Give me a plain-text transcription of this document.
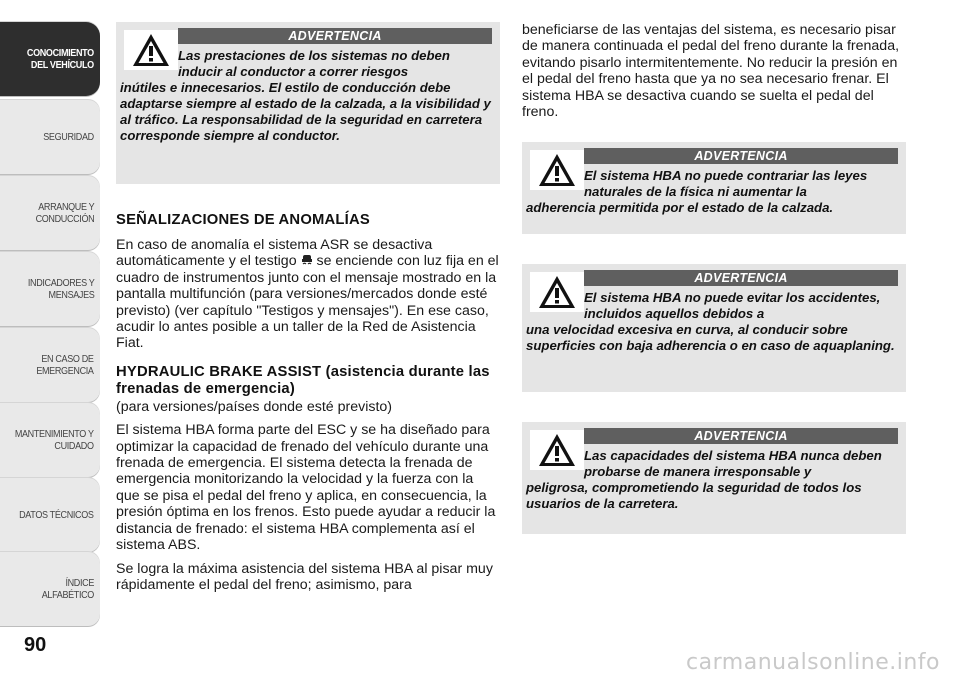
CONOCIMIENTO
DEL VEHÍCULO
SEGURIDAD
ARRANQUE Y
CONDUCCIÓN
INDICADORES Y
MENSAJES
EN CASO DE
EMERGENCIA
MANTENIMIENTO Y
CUIDADO
DATOS TÉCNICOS
ÍNDICE ALFABÉTICO
90
ADVERTENCIA
Las prestaciones de los sistemas no deben inducir al conductor a correr riesgos
inútiles e innecesarios. El estilo de conducción debe adaptarse siempre al estado de la calzada, a la visibilidad y al tráfico. La responsabilidad de la seguridad en carretera corresponde siempre al conductor.
SEÑALIZACIONES DE ANOMALÍAS

En caso de anomalía el sistema ASR se desactiva automáticamente y el testigo se enciende con luz fija en el cuadro de instrumentos junto con el mensaje mostrado en la pantalla multifunción (para versiones/mercados donde esté previsto) (ver capítulo "Testigos y mensajes"). En ese caso, acudir lo antes posible a un taller de la Red de Asistencia Fiat.

HYDRAULIC BRAKE ASSIST (asistencia durante las frenadas de emergencia)

(para versiones/países donde esté previsto)

El sistema HBA forma parte del ESC y se ha diseñado para optimizar la capacidad de frenado del vehículo durante una frenada de emergencia. El sistema detecta la frenada de emergencia monitorizando la velocidad y la fuerza con la que se pisa el pedal del freno y aplica, en consecuencia, la presión óptima en los frenos. Esto puede ayudar a reducir la distancia de frenado: el sistema HBA complementa así el sistema ABS.

Se logra la máxima asistencia del sistema HBA al pisar muy rápidamente el pedal del freno; asimismo, para

beneficiarse de las ventajas del sistema, es necesario pisar de manera continuada el pedal del freno durante la frenada, evitando pisarlo intermitentemente. No reducir la presión en el pedal del freno hasta que ya no sea necesario frenar. El sistema HBA se desactiva cuando se suelta el pedal del freno.
ADVERTENCIA
El sistema HBA no puede contrariar las leyes naturales de la física ni aumentar la
adherencia permitida por el estado de la calzada.
ADVERTENCIA
El sistema HBA no puede evitar los accidentes, incluidos aquellos debidos a
una velocidad excesiva en curva, al conducir sobre superficies con baja adherencia o en caso de aquaplaning.
ADVERTENCIA
Las capacidades del sistema HBA nunca deben probarse de manera irresponsable y
peligrosa, comprometiendo la seguridad de todos los usuarios de la carretera.
carmanualsonline.info
